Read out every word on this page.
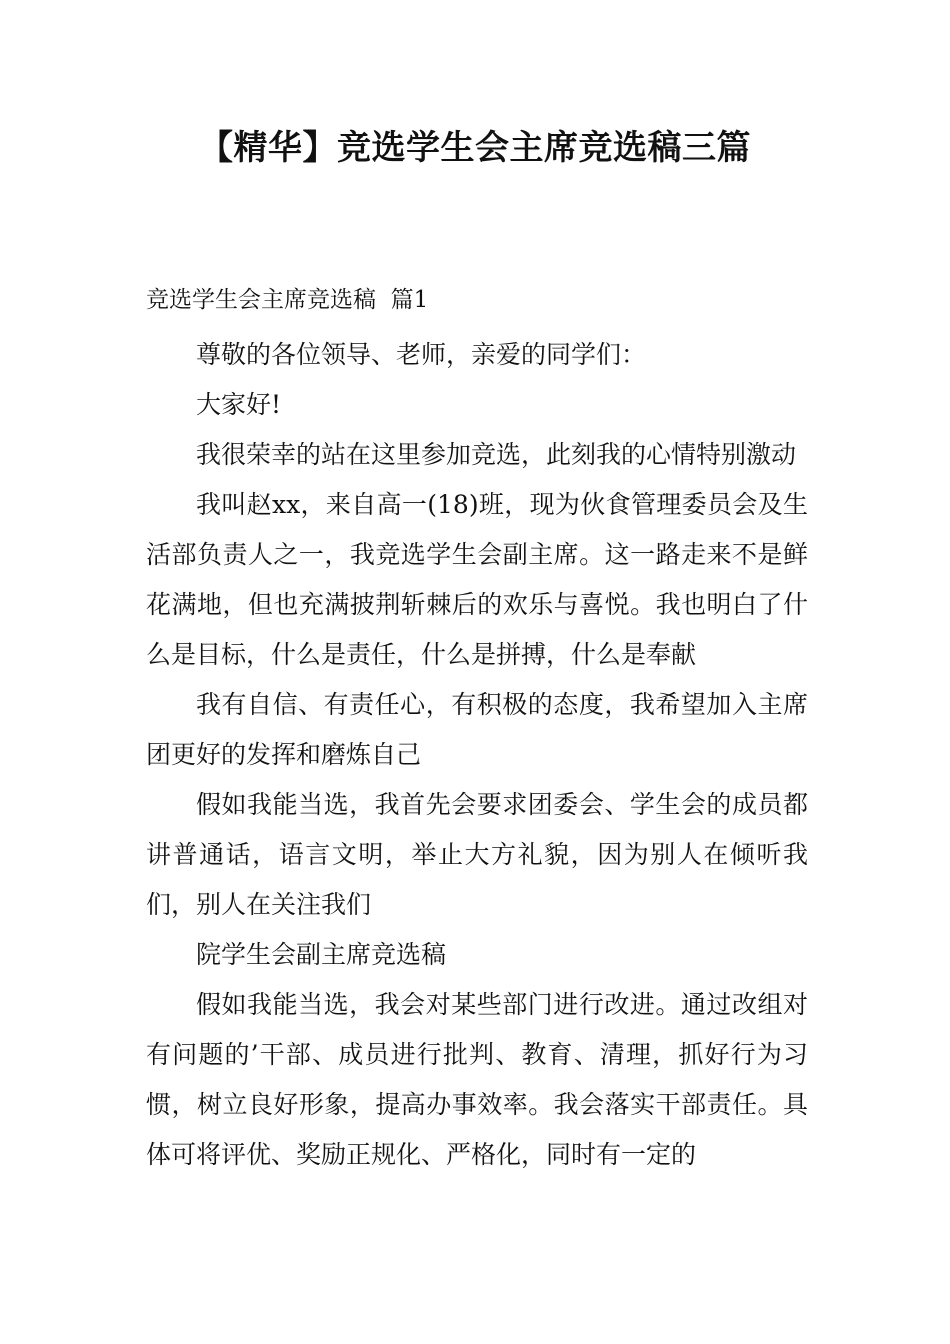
【精华】竞选学生会主席竞选稿三篇

竞选学生会主席竞选稿  篇1

尊敬的各位领导、老师，亲爱的同学们：

大家好!

我很荣幸的站在这里参加竞选，此刻我的心情特别激动

我叫赵xx，来自高一(18)班，现为伙食管理委员会及生活部负责人之一，我竞选学生会副主席。这一路走来不是鲜花满地，但也充满披荆斩棘后的欢乐与喜悦。我也明白了什么是目标，什么是责任，什么是拼搏，什么是奉献

我有自信、有责任心，有积极的态度，我希望加入主席团更好的发挥和磨炼自己

假如我能当选，我首先会要求团委会、学生会的成员都讲普通话，语言文明，举止大方礼貌，因为别人在倾听我们，别人在关注我们

院学生会副主席竞选稿

假如我能当选，我会对某些部门进行改进。通过改组对有问题的’干部、成员进行批判、教育、清理，抓好行为习惯，树立良好形象，提高办事效率。我会落实干部责任。具体可将评优、奖励正规化、严格化，同时有一定的
